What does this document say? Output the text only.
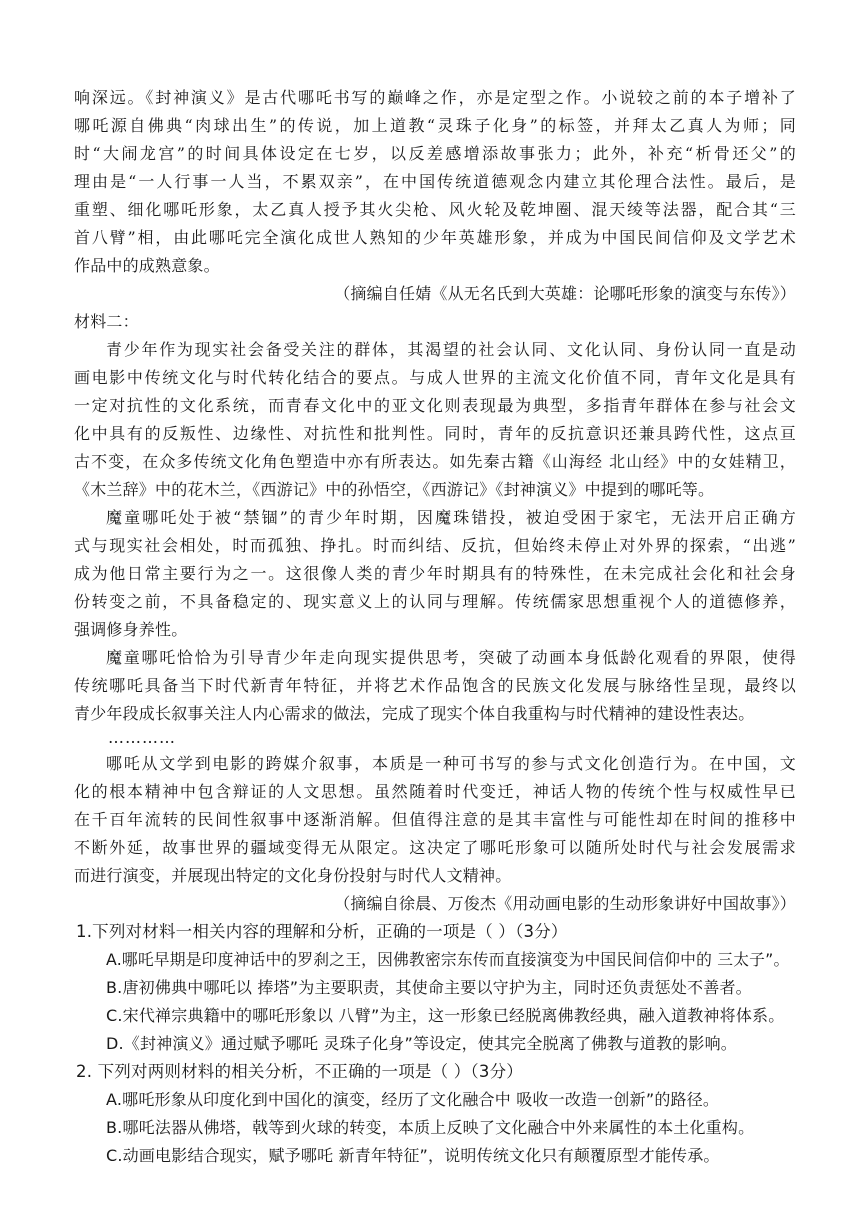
响深远。《封神演义》是古代哪吒书写的巅峰之作，亦是定型之作。小说较之前的本子增补了
哪吒源自佛典“肉球出生”的传说，加上道教“灵珠子化身”的标签，并拜太乙真人为师；同
时“大闹龙宫”的时间具体设定在七岁，以反差感增添故事张力；此外，补充“析骨还父”的
理由是“一人行事一人当，不累双亲”，在中国传统道德观念内建立其伦理合法性。最后，是
重塑、细化哪吒形象，太乙真人授予其火尖枪、风火轮及乾坤圈、混天绫等法器，配合其“三
首八臂”相，由此哪吒完全演化成世人熟知的少年英雄形象，并成为中国民间信仰及文学艺术
作品中的成熟意象。
（摘编自任婧《从无名氏到大英雄：论哪吒形象的演变与东传》）
材料二：
青少年作为现实社会备受关注的群体，其渴望的社会认同、文化认同、身份认同一直是动
画电影中传统文化与时代转化结合的要点。与成人世界的主流文化价值不同，青年文化是具有
一定对抗性的文化系统，而青春文化中的亚文化则表现最为典型，多指青年群体在参与社会文
化中具有的反叛性、边缘性、对抗性和批判性。同时，青年的反抗意识还兼具跨代性，这点亘
古不变，在众多传统文化角色塑造中亦有所表达。如先秦古籍《山海经 北山经》中的女娃精卫，
《木兰辞》中的花木兰，《西游记》中的孙悟空，《西游记》《封神演义》中提到的哪吒等。
魔童哪吒处于被“禁锢”的青少年时期，因魔珠错投，被迫受困于家宅，无法开启正确方
式与现实社会相处，时而孤独、挣扎。时而纠结、反抗，但始终未停止对外界的探索，“出逃”
成为他日常主要行为之一。这很像人类的青少年时期具有的特殊性，在未完成社会化和社会身
份转变之前，不具备稳定的、现实意义上的认同与理解。传统儒家思想重视个人的道德修养，
强调修身养性。
魔童哪吒恰恰为引导青少年走向现实提供思考，突破了动画本身低龄化观看的界限，使得
传统哪吒具备当下时代新青年特征，并将艺术作品饱含的民族文化发展与脉络性呈现，最终以
青少年段成长叙事关注人内心需求的做法，完成了现实个体自我重构与时代精神的建设性表达。
…………
哪吒从文学到电影的跨媒介叙事，本质是一种可书写的参与式文化创造行为。在中国，文
化的根本精神中包含辩证的人文思想。虽然随着时代变迁，神话人物的传统个性与权威性早已
在千百年流转的民间性叙事中逐渐消解。但值得注意的是其丰富性与可能性却在时间的推移中
不断外延，故事世界的疆域变得无从限定。这决定了哪吒形象可以随所处时代与社会发展需求
而进行演变，并展现出特定的文化身份投射与时代人文精神。
（摘编自徐晨、万俊杰《用动画电影的生动形象讲好中国故事》）
1.下列对材料一相关内容的理解和分析，正确的一项是（ ）（3分）
A.哪吒早期是印度神话中的罗刹之王，因佛教密宗东传而直接演变为中国民间信仰中的 三太子”。
B.唐初佛典中哪吒以 捧塔”为主要职责，其使命主要以守护为主，同时还负责惩处不善者。
C.宋代禅宗典籍中的哪吒形象以 八臂”为主，这一形象已经脱离佛教经典，融入道教神将体系。
D.《封神演义》通过赋予哪吒 灵珠子化身”等设定，使其完全脱离了佛教与道教的影响。
2. 下列对两则材料的相关分析，不正确的一项是（ ）（3分）
A.哪吒形象从印度化到中国化的演变，经历了文化融合中 吸收一改造一创新”的路径。
B.哪吒法器从佛塔，戟等到火球的转变，本质上反映了文化融合中外来属性的本土化重构。
C.动画电影结合现实，赋予哪吒 新青年特征”，说明传统文化只有颠覆原型才能传承。
